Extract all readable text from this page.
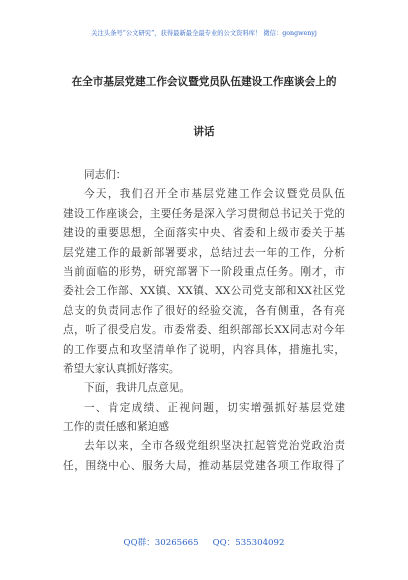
关注头条号“公文研究”，获得最新最全最专业的公文资料库！ 微信：gongwenyj
在全市基层党建工作会议暨党员队伍建设工作座谈会上的
讲话
同志们：
今天，我们召开全市基层党建工作会议暨党员队伍
建设工作座谈会，主要任务是深入学习贯彻总书记关于党的
建设的重要思想，全面落实中央、省委和上级市委关于基
层党建工作的最新部署要求，总结过去一年的工作，分析
当前面临的形势，研究部署下一阶段重点任务。刚才，市
委社会工作部、XX镇、XX镇、XX公司党支部和XX社区党
总支的负责同志作了很好的经验交流，各有侧重，各有亮
点，听了很受启发。市委常委、组织部部长XX同志对今年
的工作要点和攻坚清单作了说明，内容具体，措施扎实，
希望大家认真抓好落实。
下面，我讲几点意见。
一、肯定成绩、正视问题，切实增强抓好基层党建
工作的责任感和紧迫感
去年以来，全市各级党组织坚决扛起管党治党政治责
任，围绕中心、服务大局，推动基层党建各项工作取得了
QQ群：30265665 QQ：535304092
